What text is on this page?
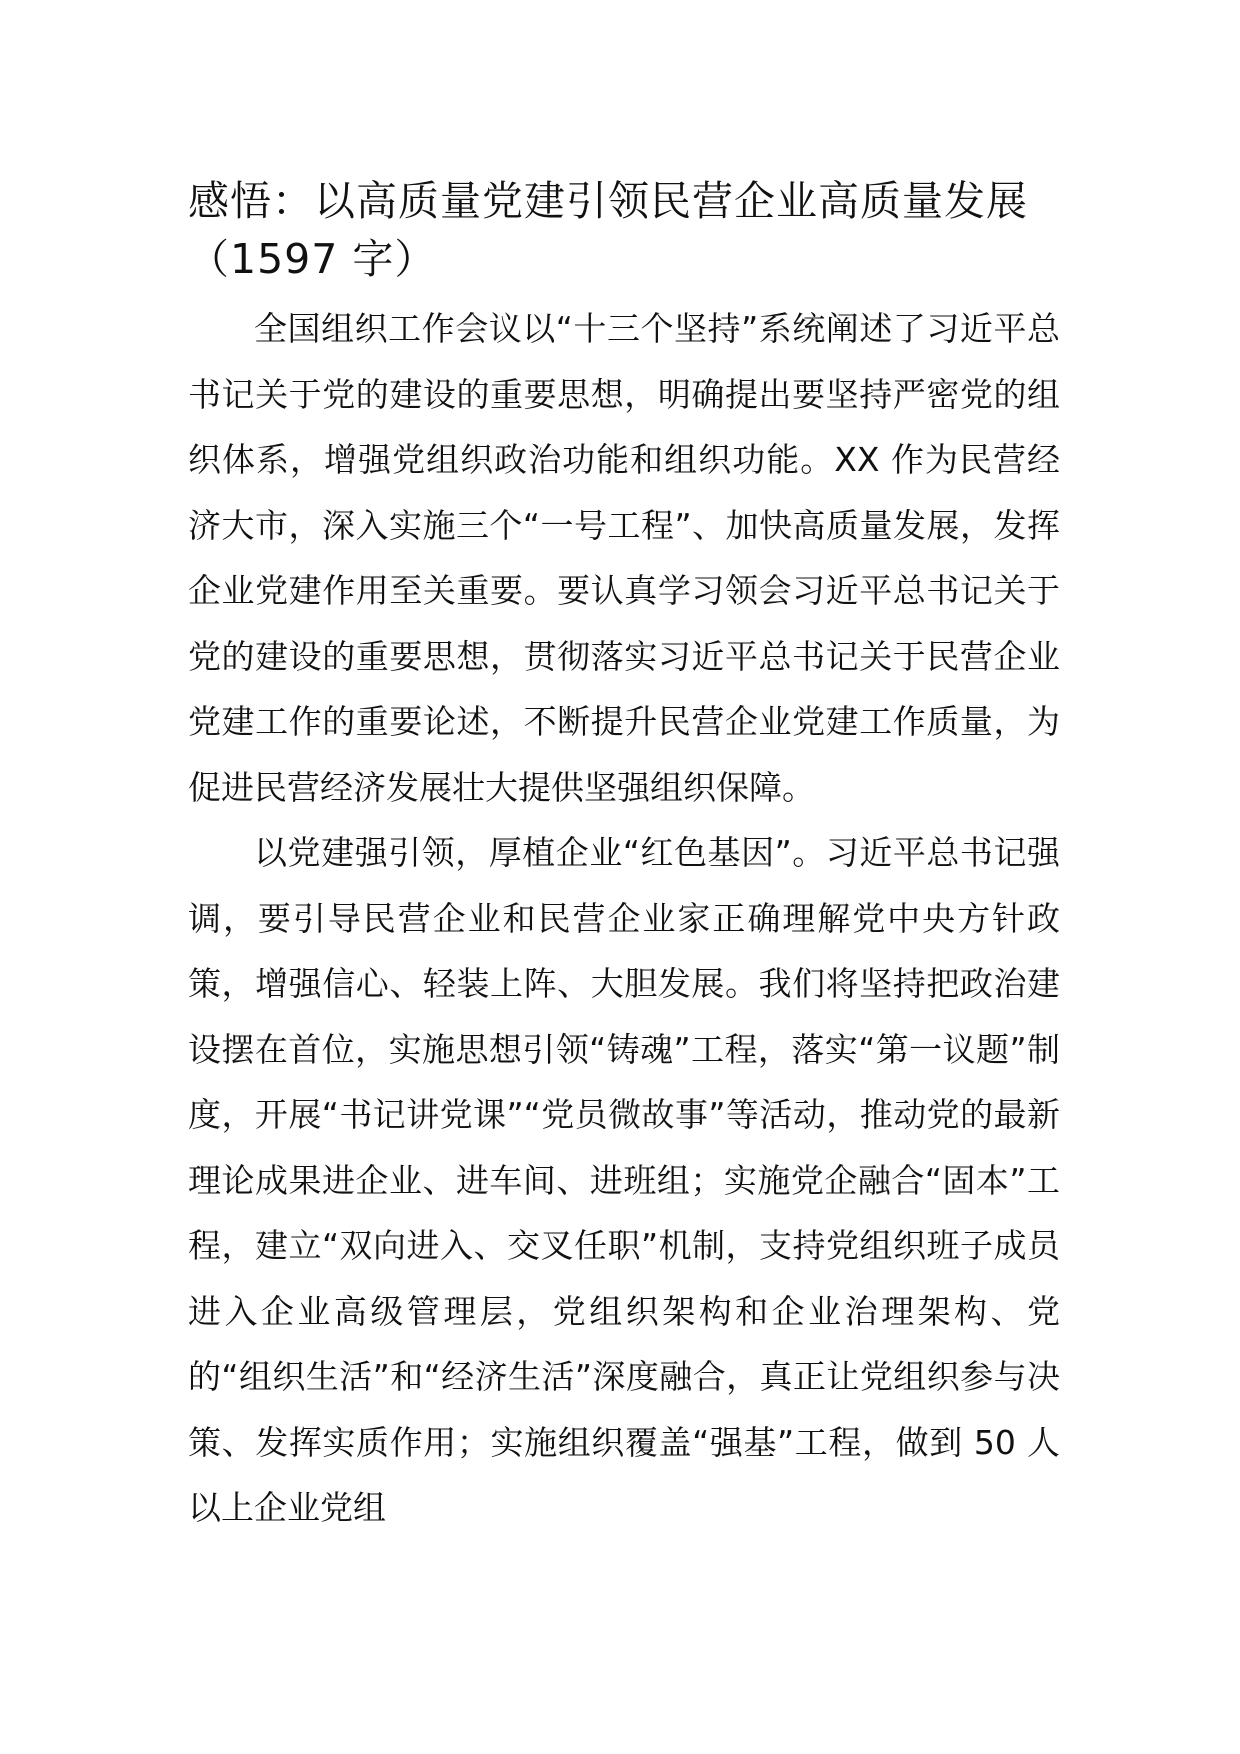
感悟：以高质量党建引领民营企业高质量发展
（1597 字）

全国组织工作会议以“十三个坚持”系统阐述了习近平总书记关于党的建设的重要思想，明确提出要坚持严密党的组织体系，增强党组织政治功能和组织功能。XX 作为民营经济大市，深入实施三个“一号工程”、加快高质量发展，发挥企业党建作用至关重要。要认真学习领会习近平总书记关于党的建设的重要思想，贯彻落实习近平总书记关于民营企业党建工作的重要论述，不断提升民营企业党建工作质量，为促进民营经济发展壮大提供坚强组织保障。

以党建强引领，厚植企业“红色基因”。习近平总书记强调，要引导民营企业和民营企业家正确理解党中央方针政策，增强信心、轻装上阵、大胆发展。我们将坚持把政治建设摆在首位，实施思想引领“铸魂”工程，落实“第一议题”制度，开展“书记讲党课”“党员微故事”等活动，推动党的最新理论成果进企业、进车间、进班组；实施党企融合“固本”工程，建立“双向进入、交叉任职”机制，支持党组织班子成员进入企业高级管理层，党组织架构和企业治理架构、党的“组织生活”和“经济生活”深度融合，真正让党组织参与决策、发挥实质作用；实施组织覆盖“强基”工程，做到 50 人以上企业党组
